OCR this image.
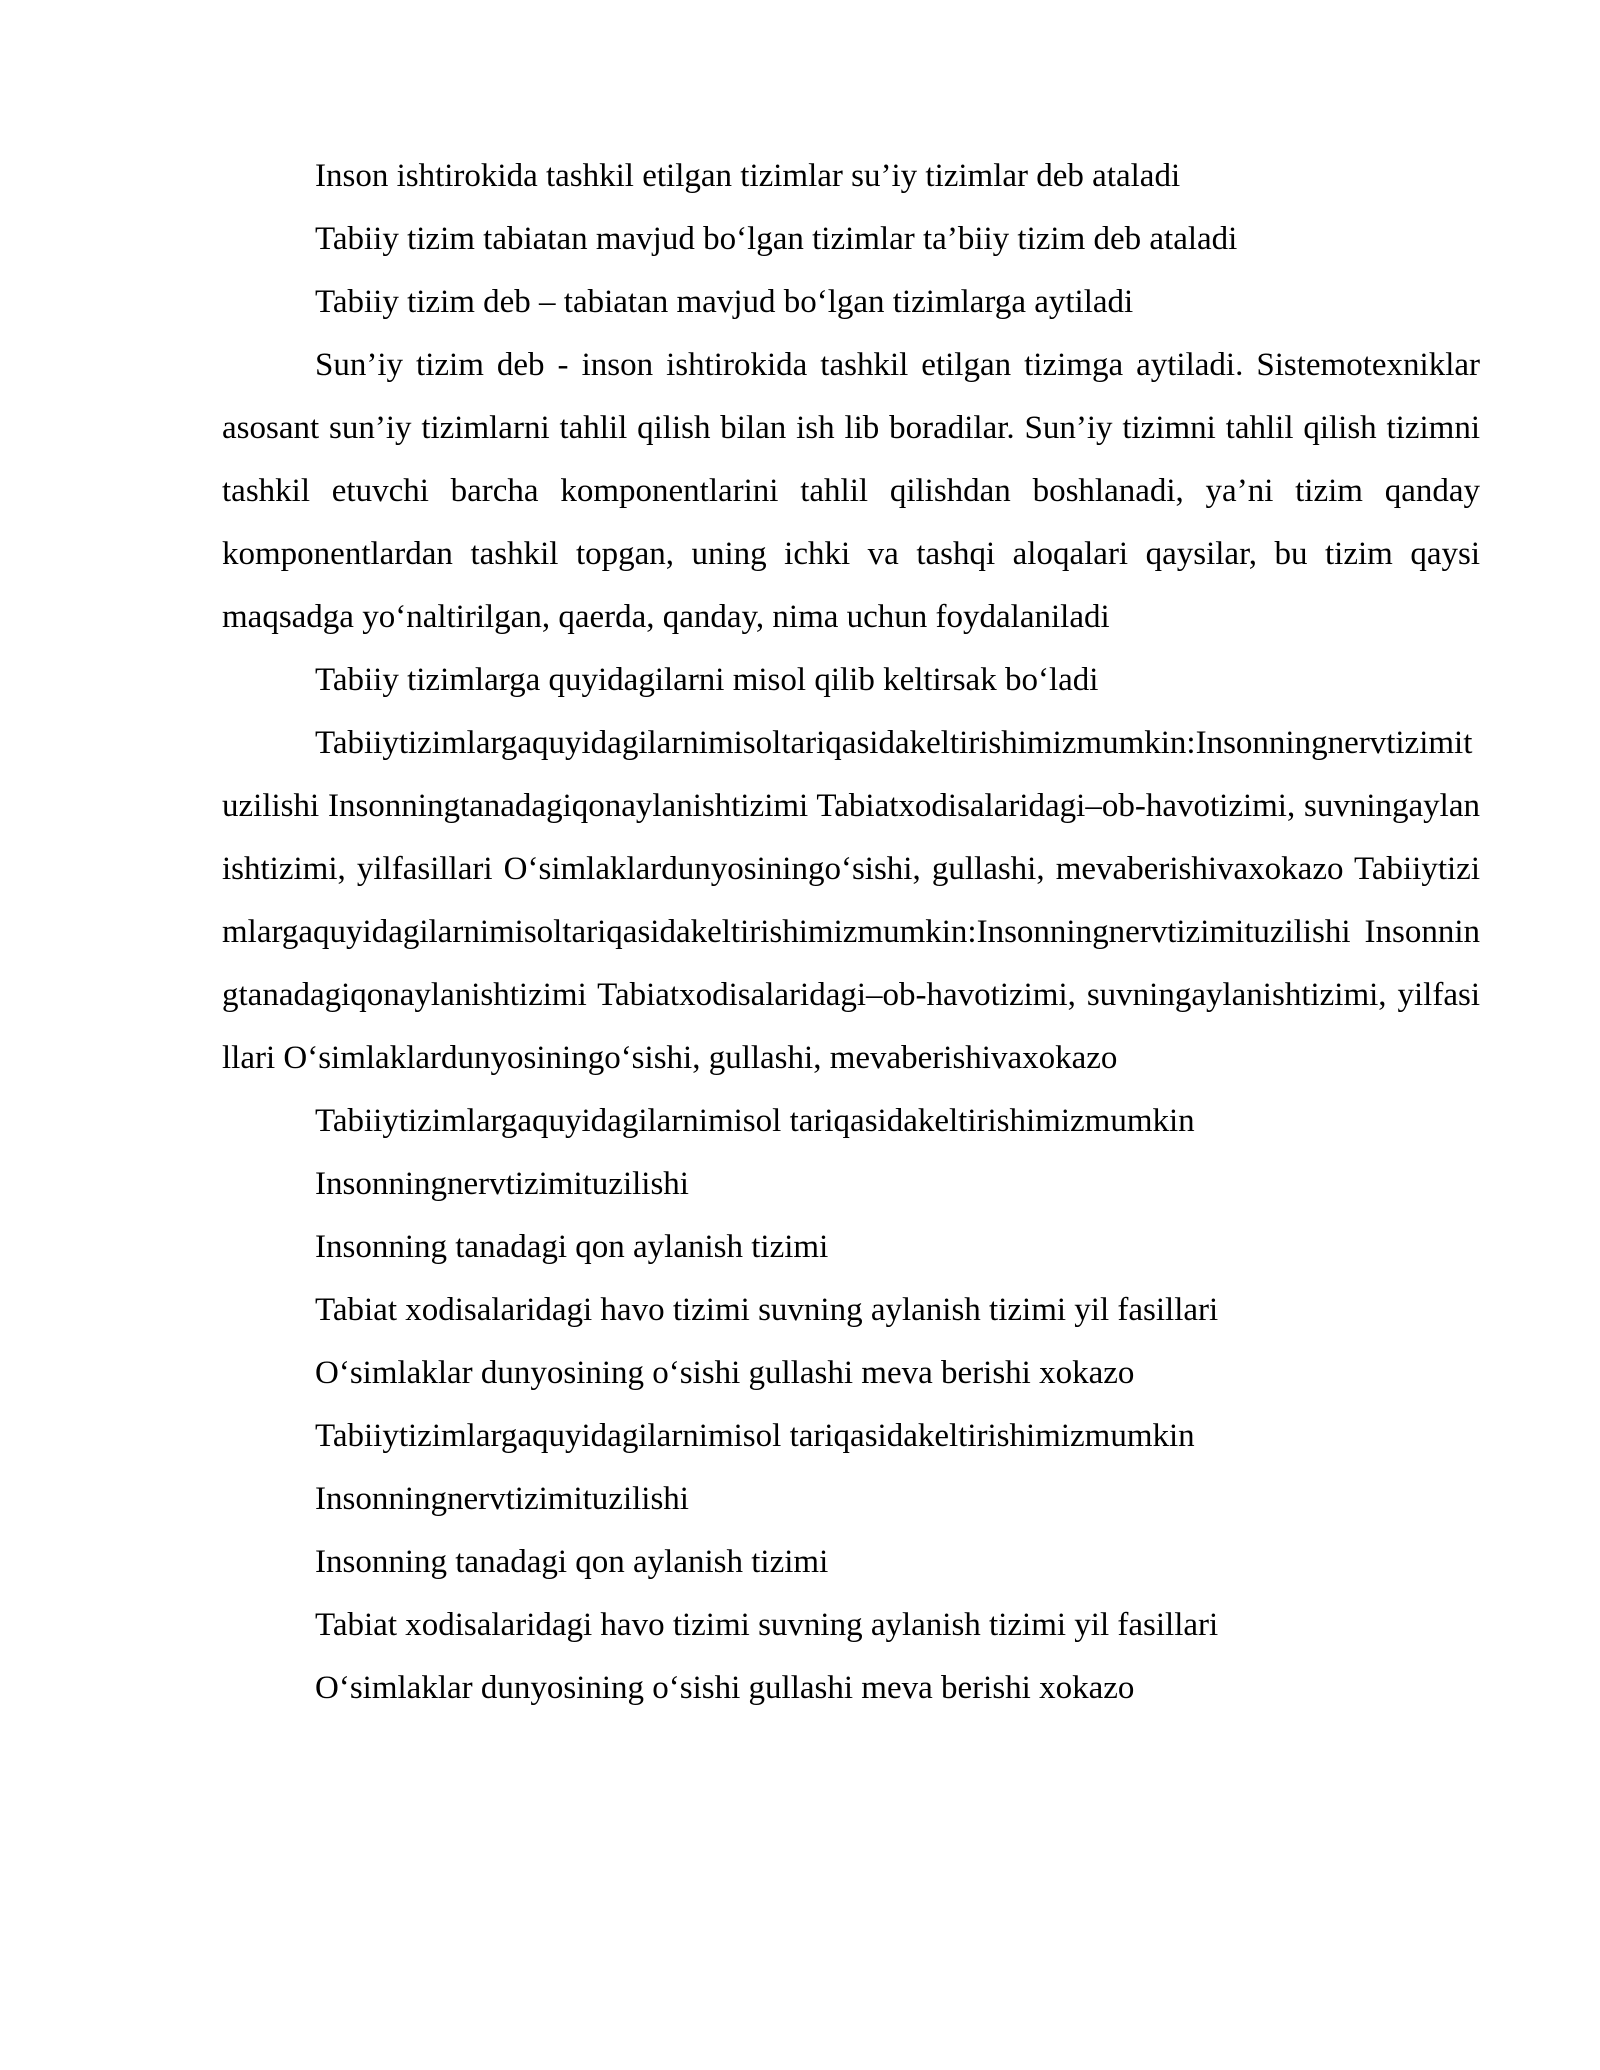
Inson ishtirokida tashkil etilgan tizimlar su’iy tizimlar deb ataladi

Tabiiy tizim tabiatan mavjud bo‘lgan tizimlar ta’biiy tizim deb ataladi

Tabiiy tizim deb – tabiatan mavjud bo‘lgan tizimlarga aytiladi

Sun’iy tizim deb - inson ishtirokida tashkil etilgan tizimga aytiladi. Sistemotexniklar asosant sun’iy tizimlarni tahlil qilish bilan ish lib boradilar. Sun’iy tizimni tahlil qilish tizimni tashkil etuvchi barcha komponentlarini tahlil qilishdan boshlanadi, ya’ni tizim qanday komponentlardan tashkil topgan, uning ichki va tashqi aloqalari qaysilar, bu tizim qaysi maqsadga yo‘naltirilgan, qaerda, qanday, nima uchun foydalaniladi

Tabiiy tizimlarga quyidagilarni misol qilib keltirsak bo‘ladi

Tabiiytizimlargaquyidagilarnimisoltariqasidakeltirishimizmumkin:Insonningnervtizimituzilishi Insonningtanadagiqonaylanishtizimi Tabiatxodisalaridagi–ob-havotizimi, suvningaylanishtizimi, yilfasillari O‘simlaklardunyosiningo‘sishi, gullashi, mevaberishivaxokazo Tabiiytizimlargaquyidagilarnimisoltariqasidakeltirishimizmumkin:Insonningnervtizimituzilishi Insonningtanadagiqonaylanishtizimi Tabiatxodisalaridagi–ob-havotizimi, suvningaylanishtizimi, yilfasillari O‘simlaklardunyosiningo‘sishi, gullashi, mevaberishivaxokazo

Tabiiytizimlargaquyidagilarnimisol tariqasidakeltirishimizmumkin

Insonningnervtizimituzilishi

Insonning tanadagi qon aylanish tizimi

Tabiat xodisalaridagi havo tizimi suvning aylanish tizimi yil fasillari

O‘simlaklar dunyosining o‘sishi gullashi meva berishi xokazo

Tabiiytizimlargaquyidagilarnimisol tariqasidakeltirishimizmumkin

Insonningnervtizimituzilishi

Insonning tanadagi qon aylanish tizimi

Tabiat xodisalaridagi havo tizimi suvning aylanish tizimi yil fasillari

O‘simlaklar dunyosining o‘sishi gullashi meva berishi xokazo
